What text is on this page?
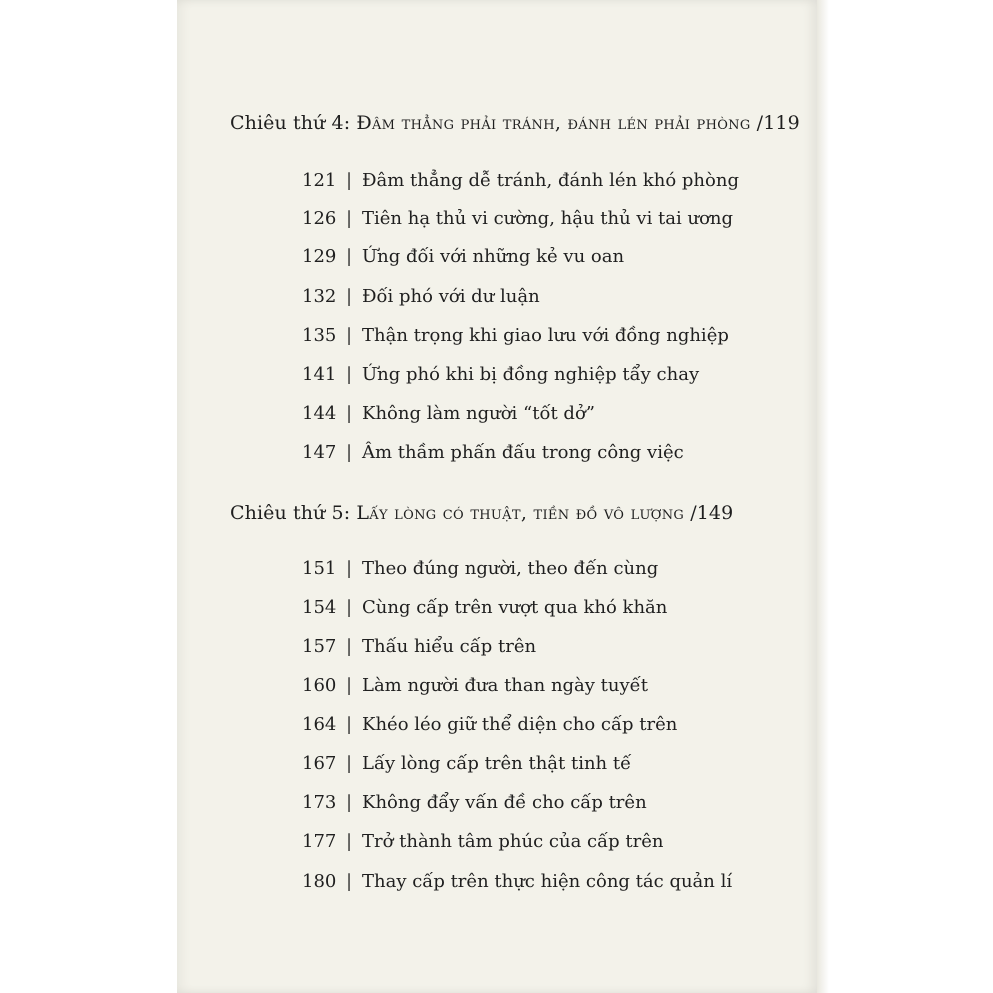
Chiêu thứ 4: Đâm thẳng phải tránh, đánh lén phải phòng /119
121 | Đâm thẳng dễ tránh, đánh lén khó phòng
126 | Tiên hạ thủ vi cường, hậu thủ vi tai ương
129 | Ứng đối với những kẻ vu oan
132 | Đối phó với dư luận
135 | Thận trọng khi giao lưu với đồng nghiệp
141 | Ứng phó khi bị đồng nghiệp tẩy chay
144 | Không làm người “tốt dở”
147 | Âm thầm phấn đấu trong công việc
Chiêu thứ 5: Lấy lòng có thuật, tiền đồ vô lượng /149
151 | Theo đúng người, theo đến cùng
154 | Cùng cấp trên vượt qua khó khăn
157 | Thấu hiểu cấp trên
160 | Làm người đưa than ngày tuyết
164 | Khéo léo giữ thể diện cho cấp trên
167 | Lấy lòng cấp trên thật tinh tế
173 | Không đẩy vấn đề cho cấp trên
177 | Trở thành tâm phúc của cấp trên
180 | Thay cấp trên thực hiện công tác quản lí
